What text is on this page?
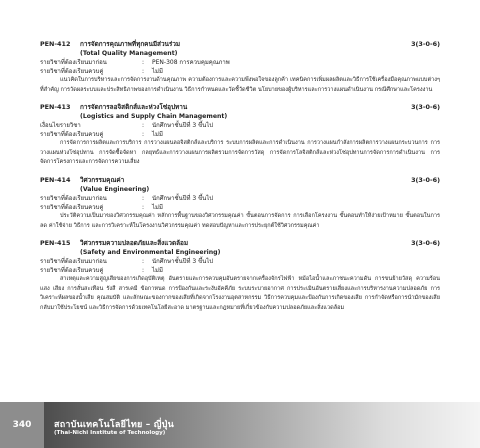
PEN-412	การจัดการคุณภาพที่ทุกคนมีส่วนร่วม	3(3-0-6)
(Total Quality Management)
รายวิชาที่ต้องเรียนมาก่อน	:	PEN-308 การควบคุมคุณภาพ
รายวิชาที่ต้องเรียนควบคู่	:	ไม่มี

แนวคิดในการบริหารและการจัดการงานด้านคุณภาพ ความต้องการและความพึงพอใจของลูกค้า เทคนิคการเพิ่มผลผลิตและวิธีการใช้เครื่องมือคุณภาพแบบต่างๆ ที่สำคัญ การวัดผลระบบและประสิทธิภาพของการดำเนินงาน วิธีการกำหนดและวัดชี้วัดชีวิต นโยบายของผู้บริหารและการวางแผนดำเนินงาน กรณีศึกษาและโครงงาน

PEN-413	การจัดการลอจิสติกส์และห่วงโซ่อุปทาน	3(3-0-6)
(Logistics and Supply Chain Management)
เงื่อนไขรายวิชา	:	นักศึกษาชั้นปีที่ 3 ขึ้นไป
รายวิชาที่ต้องเรียนควบคู่	:	ไม่มี

การจัดการการผลิตและการบริการ การวางแผนลอจิสติกส์และบริการ ระบบการผลิตและการดำเนินงาน การวางแผนกำลังการผลิตการวางแผนกระบวนการ การวางแผนห่วงโซ่อุปทาน การจัดซื้อจัดหา กลยุทธ์และการวางแผนการผลิตรวมการจัดการวัสดุ การจัดการโลจิสติกส์และห่วงโซ่อุปทานการจัดการการดำเนินงาน การจัดการโครงการและการจัดการความเสี่ยง

PEN-414	วิศวกรรมคุณค่า	3(3-0-6)
(Value Engineering)
รายวิชาที่ต้องเรียนมาก่อน	:	นักศึกษาชั้นปีที่ 3 ขึ้นไป
รายวิชาที่ต้องเรียนควบคู่	:	ไม่มี

ประวัติความเป็นมาของวิศวกรรมคุณค่า หลักการพื้นฐานของวิศวกรรมคุณค่า ขั้นตอนการจัดการ การเลือกโครงงาน ขั้นตอนทำให้ง่ายเป้าหมาย ขั้นตอนในการลด ค่าใช้จ่าย วิธีการ และการวิเคราะห์ในโครงงานวิศวกรรมคุณค่า ทดสอบปัญหาและการประยุกต์ใช้วิศวกรรมคุณค่า

PEN-415	วิศวกรรมความปลอดภัยและสิ่งแวดล้อม	3(3-0-6)
(Safety and Environmental Engineering)
รายวิชาที่ต้องเรียนมาก่อน	:	นักศึกษาชั้นปีที่ 3 ขึ้นไป
รายวิชาที่ต้องเรียนควบคู่	:	ไม่มี

สาเหตุและความสูญเสียของการเกิดอุบัติเหตุ อันตรายและการควบคุมอันตรายจากเครื่องจักรไฟฟ้า หม้อไอน้ำและภาชนะความดัน การขนย้ายวัสดุ ความร้อน แสง เสียง การสั่นสะเทือน รังสี สารเคมี ข้อกาหนด การป้องกันและระงับอัคคีภัย ระบบระบายอากาศ การประเมินอันตรายเสี่ยงและการบริหารงานความปลอดภัย การวิเคราะห์ผลของน้ำเสีย คุณสมบัติ และลักษณะของกากของเสียที่เกิดจากโรงงานอุตสาหกรรม วิธีการควบคุมและป้องกันการเกิดของเสีย การกำจัดหรือการนำมักของเสียกลับมาใช้ประโยชน์ และวิธีการจัดการด้วยเทคโนโลยีสะอาด มาตรฐานและกฎหมายที่เกี่ยวข้องกับความปลอดภัยและสิ่งแวดล้อม

340	สถาบันเทคโนโลยีไทย – ญี่ปุ่น
(Thai-Nichi Institute of Technology)
